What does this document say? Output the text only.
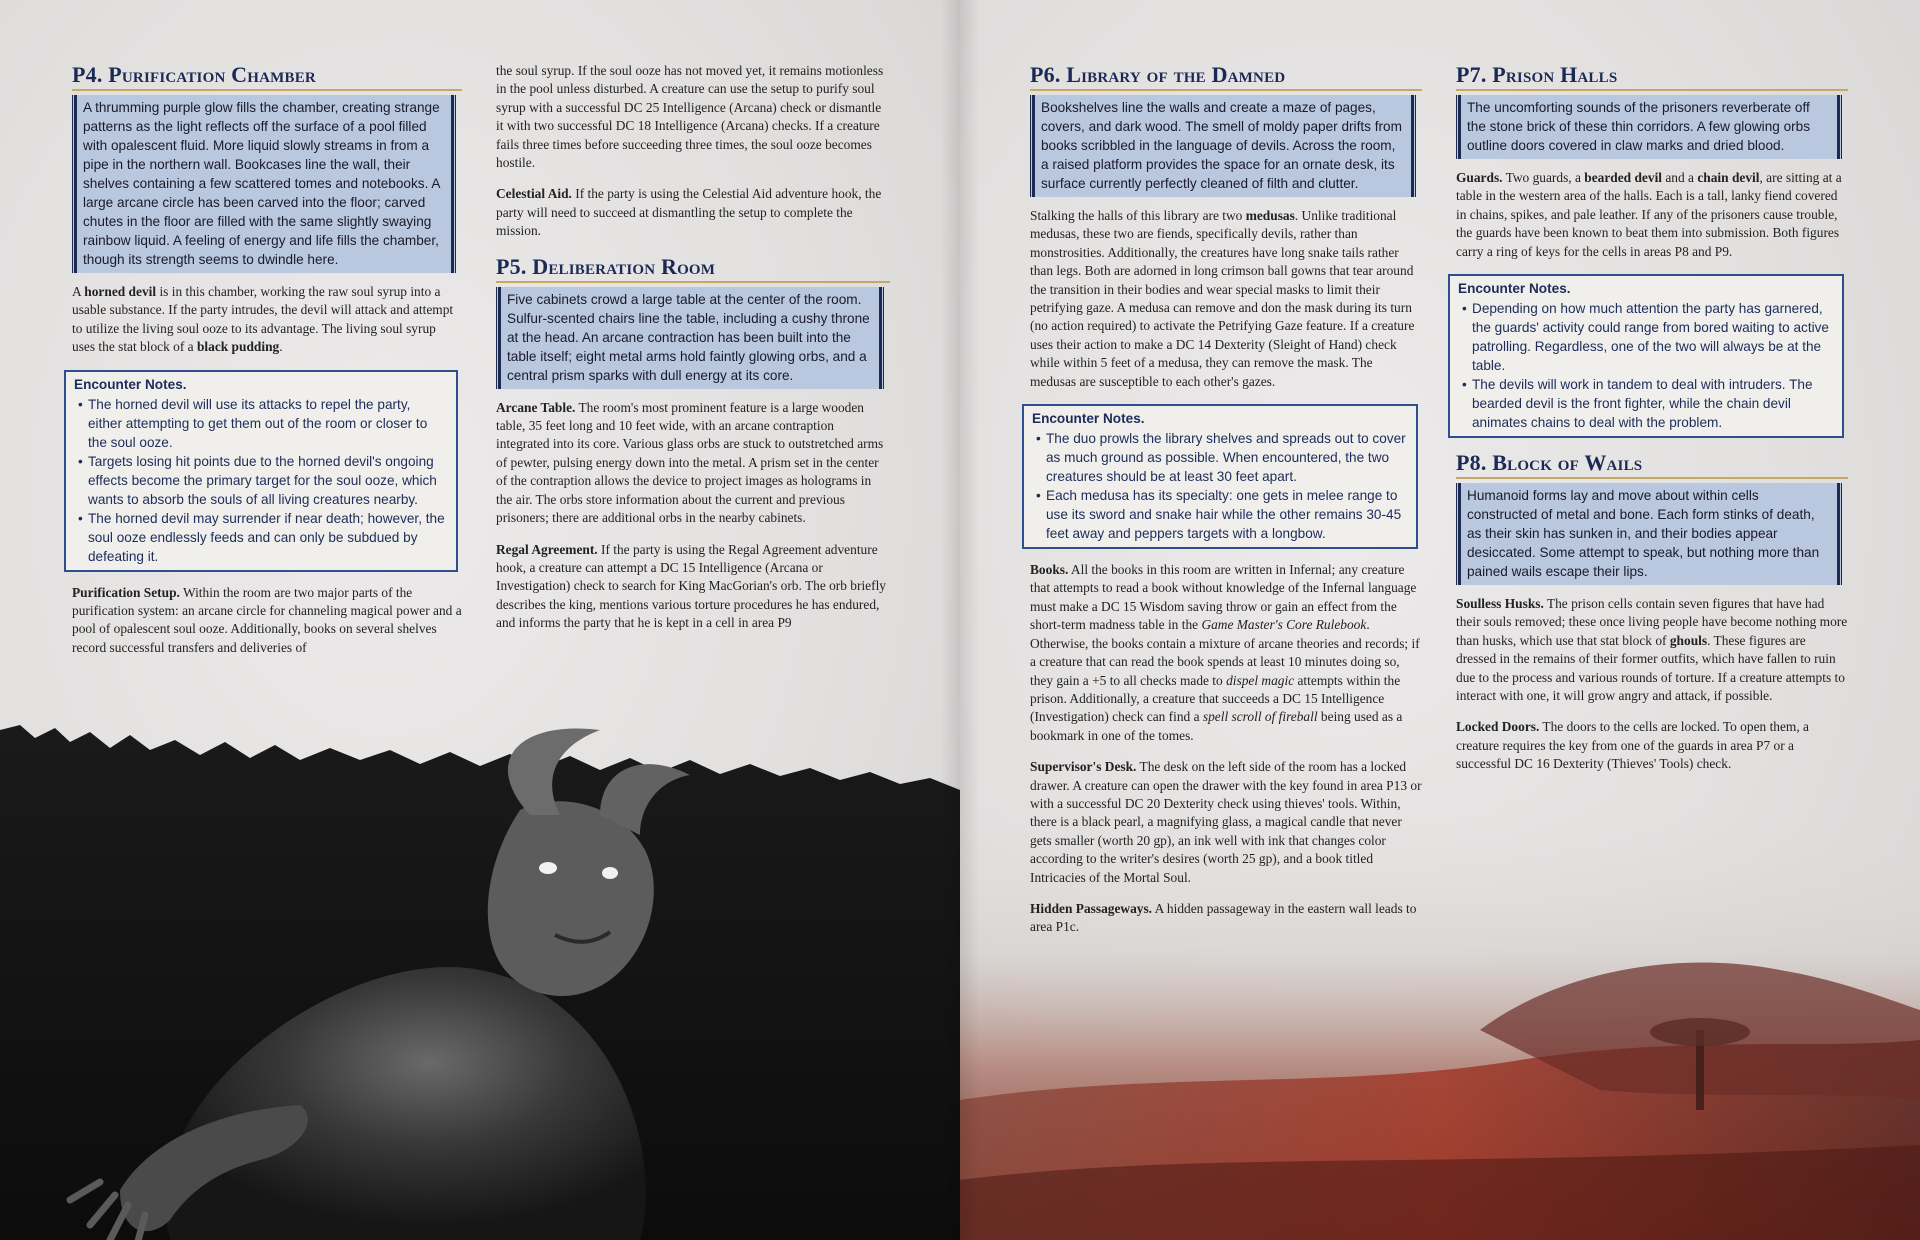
P4. Purification Chamber
A thrumming purple glow fills the chamber, creating strange patterns as the light reflects off the surface of a pool filled with opalescent fluid. More liquid slowly streams in from a pipe in the northern wall. Bookcases line the wall, their shelves containing a few scattered tomes and notebooks. A large arcane circle has been carved into the floor; carved chutes in the floor are filled with the same slightly swaying rainbow liquid. A feeling of energy and life fills the chamber, though its strength seems to dwindle here.

A horned devil is in this chamber, working the raw soul syrup into a usable substance. If the party intrudes, the devil will attack and attempt to utilize the living soul ooze to its advantage. The living soul syrup uses the stat block of a black pudding.

Encounter Notes.
• The horned devil will use its attacks to repel the party, either attempting to get them out of the room or closer to the soul ooze.
• Targets losing hit points due to the horned devil's ongoing effects become the primary target for the soul ooze, which wants to absorb the souls of all living creatures nearby.
• The horned devil may surrender if near death; however, the soul ooze endlessly feeds and can only be subdued by defeating it.

Purification Setup. Within the room are two major parts of the purification system: an arcane circle for channeling magical power and a pool of opalescent soul ooze. Additionally, books on several shelves record successful transfers and deliveries of

the soul syrup. If the soul ooze has not moved yet, it remains motionless in the pool unless disturbed. A creature can use the setup to purify soul syrup with a successful DC 25 Intelligence (Arcana) check or dismantle it with two successful DC 18 Intelligence (Arcana) checks. If a creature fails three times before succeeding three times, the soul ooze becomes hostile.

Celestial Aid. If the party is using the Celestial Aid adventure hook, the party will need to succeed at dismantling the setup to complete the mission.

P5. Deliberation Room
Five cabinets crowd a large table at the center of the room. Sulfur-scented chairs line the table, including a cushy throne at the head. An arcane contraction has been built into the table itself; eight metal arms hold faintly glowing orbs, and a central prism sparks with dull energy at its core.

Arcane Table. The room's most prominent feature is a large wooden table, 35 feet long and 10 feet wide, with an arcane contraption integrated into its core. Various glass orbs are stuck to outstretched arms of pewter, pulsing energy down into the metal. A prism set in the center of the contraption allows the device to project images as holograms in the air. The orbs store information about the current and previous prisoners; there are additional orbs in the nearby cabinets.

Regal Agreement. If the party is using the Regal Agreement adventure hook, a creature can attempt a DC 15 Intelligence (Arcana or Investigation) check to search for King MacGorian's orb. The orb briefly describes the king, mentions various torture procedures he has endured, and informs the party that he is kept in a cell in area P9

P6. Library of the Damned
Bookshelves line the walls and create a maze of pages, covers, and dark wood. The smell of moldy paper drifts from books scribbled in the language of devils. Across the room, a raised platform provides the space for an ornate desk, its surface currently perfectly cleaned of filth and clutter.

Stalking the halls of this library are two medusas. Unlike traditional medusas, these two are fiends, specifically devils, rather than monstrosities. Additionally, the creatures have long snake tails rather than legs. Both are adorned in long crimson ball gowns that tear around the transition in their bodies and wear special masks to limit their petrifying gaze. A medusa can remove and don the mask during its turn (no action required) to activate the Petrifying Gaze feature. If a creature uses their action to make a DC 14 Dexterity (Sleight of Hand) check while within 5 feet of a medusa, they can remove the mask. The medusas are susceptible to each other's gazes.

Encounter Notes.
• The duo prowls the library shelves and spreads out to cover as much ground as possible. When encountered, the two creatures should be at least 30 feet apart.
• Each medusa has its specialty: one gets in melee range to use its sword and snake hair while the other remains 30-45 feet away and peppers targets with a longbow.

Books. All the books in this room are written in Infernal; any creature that attempts to read a book without knowledge of the Infernal language must make a DC 15 Wisdom saving throw or gain an effect from the short-term madness table in the Game Master's Core Rulebook. Otherwise, the books contain a mixture of arcane theories and records; if a creature that can read the book spends at least 10 minutes doing so, they gain a +5 to all checks made to dispel magic attempts within the prison. Additionally, a creature that succeeds a DC 15 Intelligence (Investigation) check can find a spell scroll of fireball being used as a bookmark in one of the tomes.

Supervisor's Desk. The desk on the left side of the room has a locked drawer. A creature can open the drawer with the key found in area P13 or with a successful DC 20 Dexterity check using thieves' tools. Within, there is a black pearl, a magnifying glass, a magical candle that never gets smaller (worth 20 gp), an ink well with ink that changes color according to the writer's desires (worth 25 gp), and a book titled Intricacies of the Mortal Soul.

Hidden Passageways. A hidden passageway in the eastern wall leads to area P1c.

P7. Prison Halls
The uncomforting sounds of the prisoners reverberate off the stone brick of these thin corridors. A few glowing orbs outline doors covered in claw marks and dried blood.

Guards. Two guards, a bearded devil and a chain devil, are sitting at a table in the western area of the halls. Each is a tall, lanky fiend covered in chains, spikes, and pale leather. If any of the prisoners cause trouble, the guards have been known to beat them into submission. Both figures carry a ring of keys for the cells in areas P8 and P9.

Encounter Notes.
• Depending on how much attention the party has garnered, the guards' activity could range from bored waiting to active patrolling. Regardless, one of the two will always be at the table.
• The devils will work in tandem to deal with intruders. The bearded devil is the front fighter, while the chain devil animates chains to deal with the problem.
P8. Block of Wails
Humanoid forms lay and move about within cells constructed of metal and bone. Each form stinks of death, as their skin has sunken in, and their bodies appear desiccated. Some attempt to speak, but nothing more than pained wails escape their lips.

Soulless Husks. The prison cells contain seven figures that have had their souls removed; these once living people have become nothing more than husks, which use that stat block of ghouls. These figures are dressed in the remains of their former outfits, which have fallen to ruin due to the process and various rounds of torture. If a creature attempts to interact with one, it will grow angry and attack, if possible.

Locked Doors. The doors to the cells are locked. To open them, a creature requires the key from one of the guards in area P7 or a successful DC 16 Dexterity (Thieves' Tools) check.
